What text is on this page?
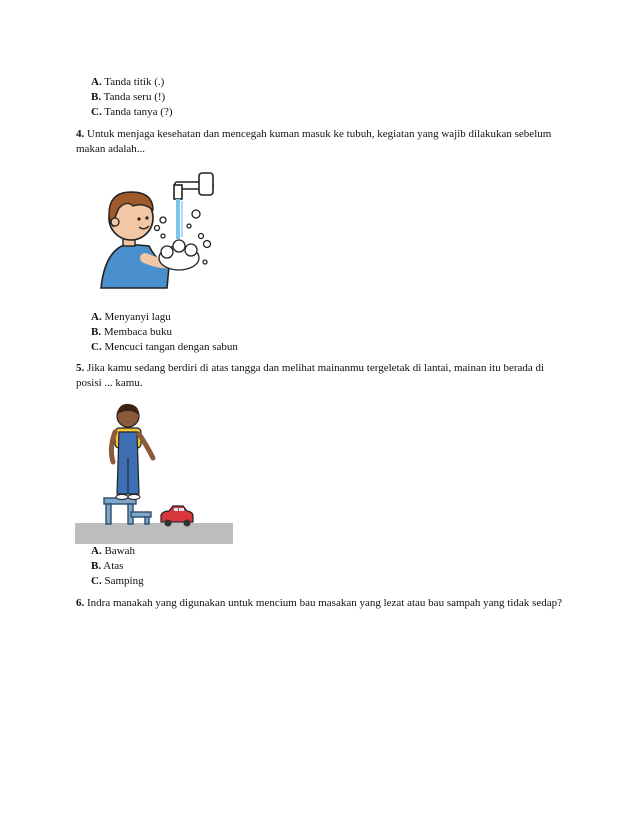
A. Tanda titik (.)
B. Tanda seru (!)
C. Tanda tanya (?)
4. Untuk menjaga kesehatan dan mencegah kuman masuk ke tubuh, kegiatan yang wajib dilakukan sebelum makan adalah...
A. Menyanyi lagu
B. Membaca buku
C. Mencuci tangan dengan sabun
5. Jika kamu sedang berdiri di atas tangga dan melihat mainanmu tergeletak di lantai, mainan itu berada di posisi ... kamu.
A. Bawah
B. Atas
C. Samping
6. Indra manakah yang digunakan untuk mencium bau masakan yang lezat atau bau sampah yang tidak sedap?
